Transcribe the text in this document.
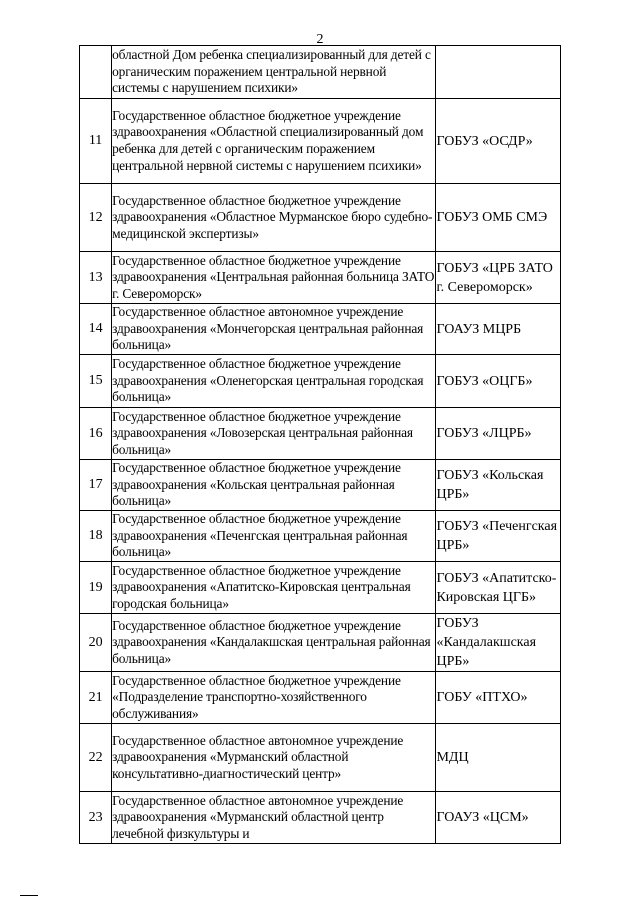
2
	областной Дом ребенка специализированный для детей с органическим поражением центральной нервной системы с нарушением психики»	
11	Государственное областное бюджетное учреждение здравоохранения «Областной специализированный дом ребенка для детей с органическим поражением центральной нервной системы с нарушением психики»	ГОБУЗ «ОСДР»
12	Государственное областное бюджетное учреждение здравоохранения «Областное Мурманское бюро судебно-медицинской экспертизы»	ГОБУЗ ОМБ СМЭ
13	Государственное областное бюджетное учреждение здравоохранения «Центральная районная больница ЗАТО г. Североморск»	ГОБУЗ «ЦРБ ЗАТО г. Североморск»
14	Государственное областное автономное учреждение здравоохранения «Мончегорская центральная районная больница»	ГОАУЗ МЦРБ
15	Государственное областное бюджетное учреждение здравоохранения «Оленегорская центральная городская больница»	ГОБУЗ «ОЦГБ»
16	Государственное областное бюджетное учреждение здравоохранения «Ловозерская центральная районная больница»	ГОБУЗ «ЛЦРБ»
17	Государственное областное бюджетное учреждение здравоохранения «Кольская центральная районная больница»	ГОБУЗ «Кольская ЦРБ»
18	Государственное областное бюджетное учреждение здравоохранения «Печенгская центральная районная больница»	ГОБУЗ «Печенгская ЦРБ»
19	Государственное областное бюджетное учреждение здравоохранения «Апатитско-Кировская центральная городская больница»	ГОБУЗ «Апатитско-Кировская ЦГБ»
20	Государственное областное бюджетное учреждение здравоохранения «Кандалакшская центральная районная больница»	ГОБУЗ «Кандалакшская ЦРБ»
21	Государственное областное бюджетное учреждение «Подразделение транспортно-хозяйственного обслуживания»	ГОБУ «ПТХО»
22	Государственное областное автономное учреждение здравоохранения «Мурманский областной консультативно-диагностический центр»	МДЦ
23	Государственное областное автономное учреждение здравоохранения «Мурманский областной центр лечебной физкультуры и	ГОАУЗ «ЦСМ»
